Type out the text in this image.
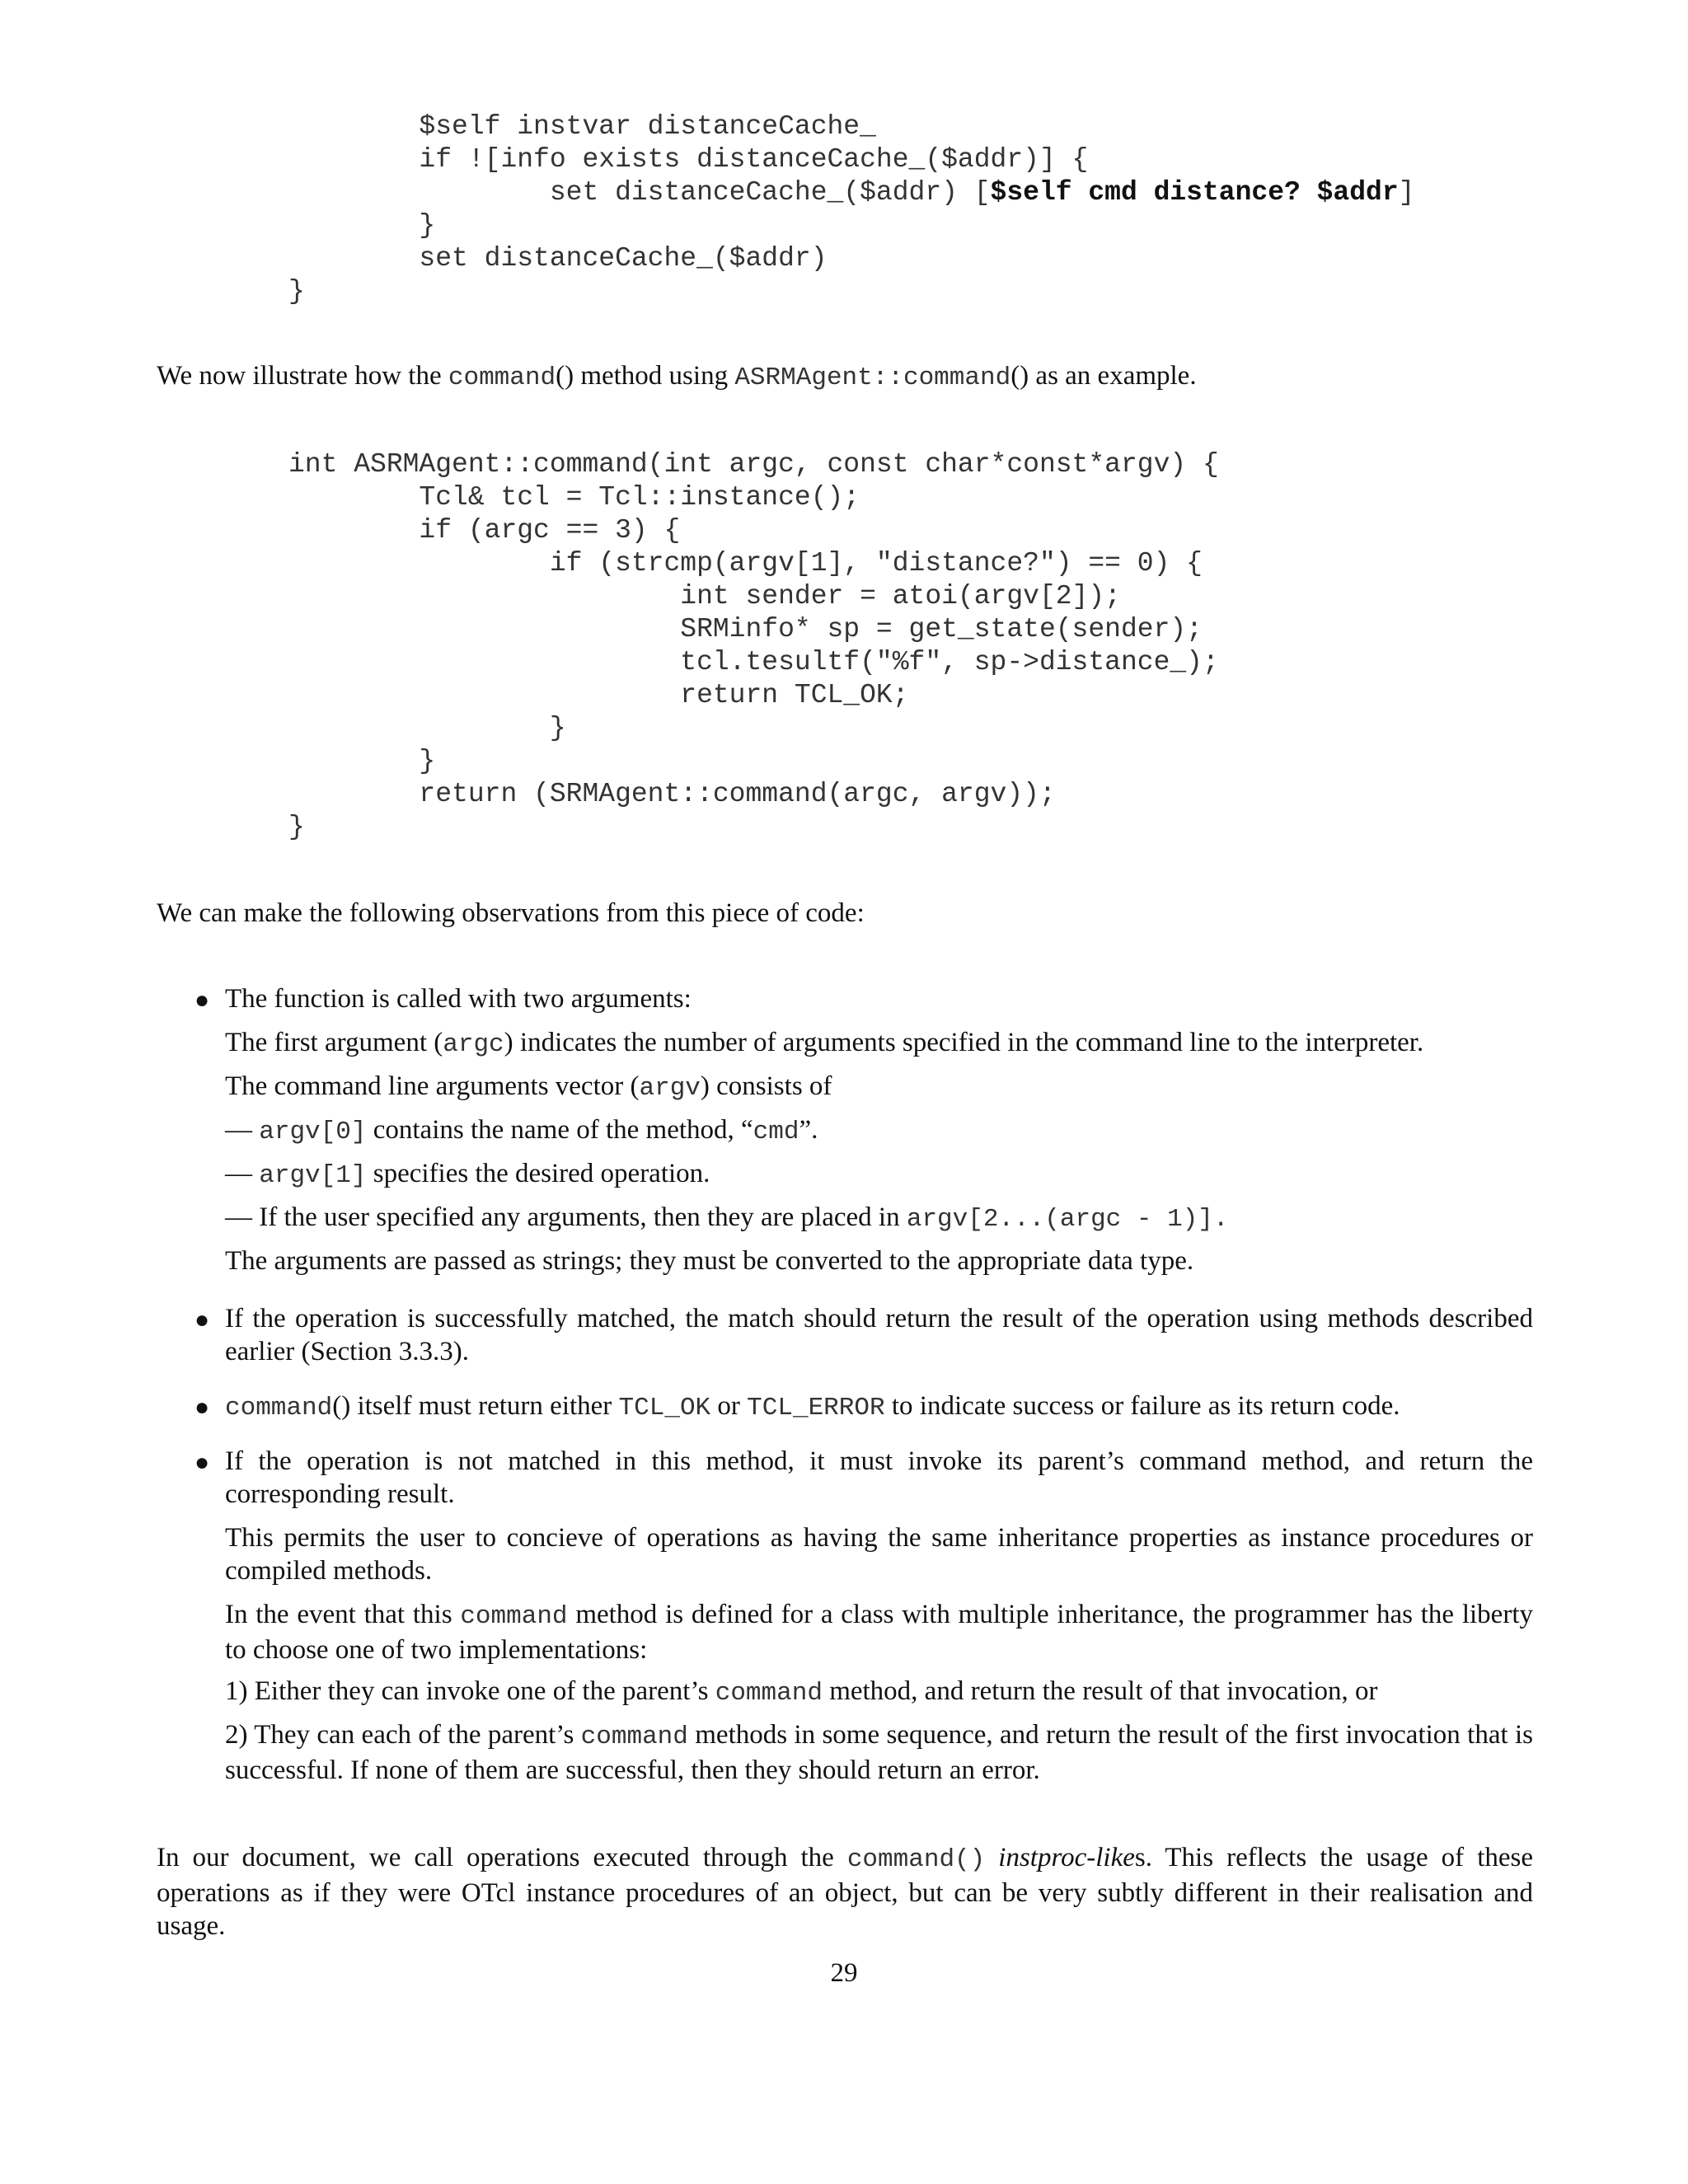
$self instvar distanceCache_
if ![info exists distanceCache_($addr)] {
set distanceCache_($addr) [$self cmd distance? $addr]
}
set distanceCache_($addr)
}

We now illustrate how the command() method using ASRMAgent::command() as an example.

int ASRMAgent::command(int argc, const char*const*argv) {
Tcl& tcl = Tcl::instance();
if (argc == 3) {
if (strcmp(argv[1], "distance?") == 0) {
int sender = atoi(argv[2]);
SRMinfo* sp = get_state(sender);
tcl.tesultf("%f", sp->distance_);
return TCL_OK;
}
}
return (SRMAgent::command(argc, argv));
}

We can make the following observations from this piece of code:

● The function is called with two arguments:

The first argument (argc) indicates the number of arguments specified in the command line to the interpreter.

The command line arguments vector (argv) consists of

— argv[0] contains the name of the method, “cmd”.

— argv[1] specifies the desired operation.

— If the user specified any arguments, then they are placed in argv[2...(argc - 1)].

The arguments are passed as strings; they must be converted to the appropriate data type.

● If the operation is successfully matched, the match should return the result of the operation using methods described earlier (Section 3.3.3).

● command() itself must return either TCL_OK or TCL_ERROR to indicate success or failure as its return code.

● If the operation is not matched in this method, it must invoke its parent’s command method, and return the corresponding result.

This permits the user to concieve of operations as having the same inheritance properties as instance procedures or compiled methods.

In the event that this command method is defined for a class with multiple inheritance, the programmer has the liberty to choose one of two implementations:

1) Either they can invoke one of the parent’s command method, and return the result of that invocation, or

2) They can each of the parent’s command methods in some sequence, and return the result of the first invocation that is successful. If none of them are successful, then they should return an error.

In our document, we call operations executed through the command() instproc-likes. This reflects the usage of these operations as if they were OTcl instance procedures of an object, but can be very subtly different in their realisation and usage.

29
